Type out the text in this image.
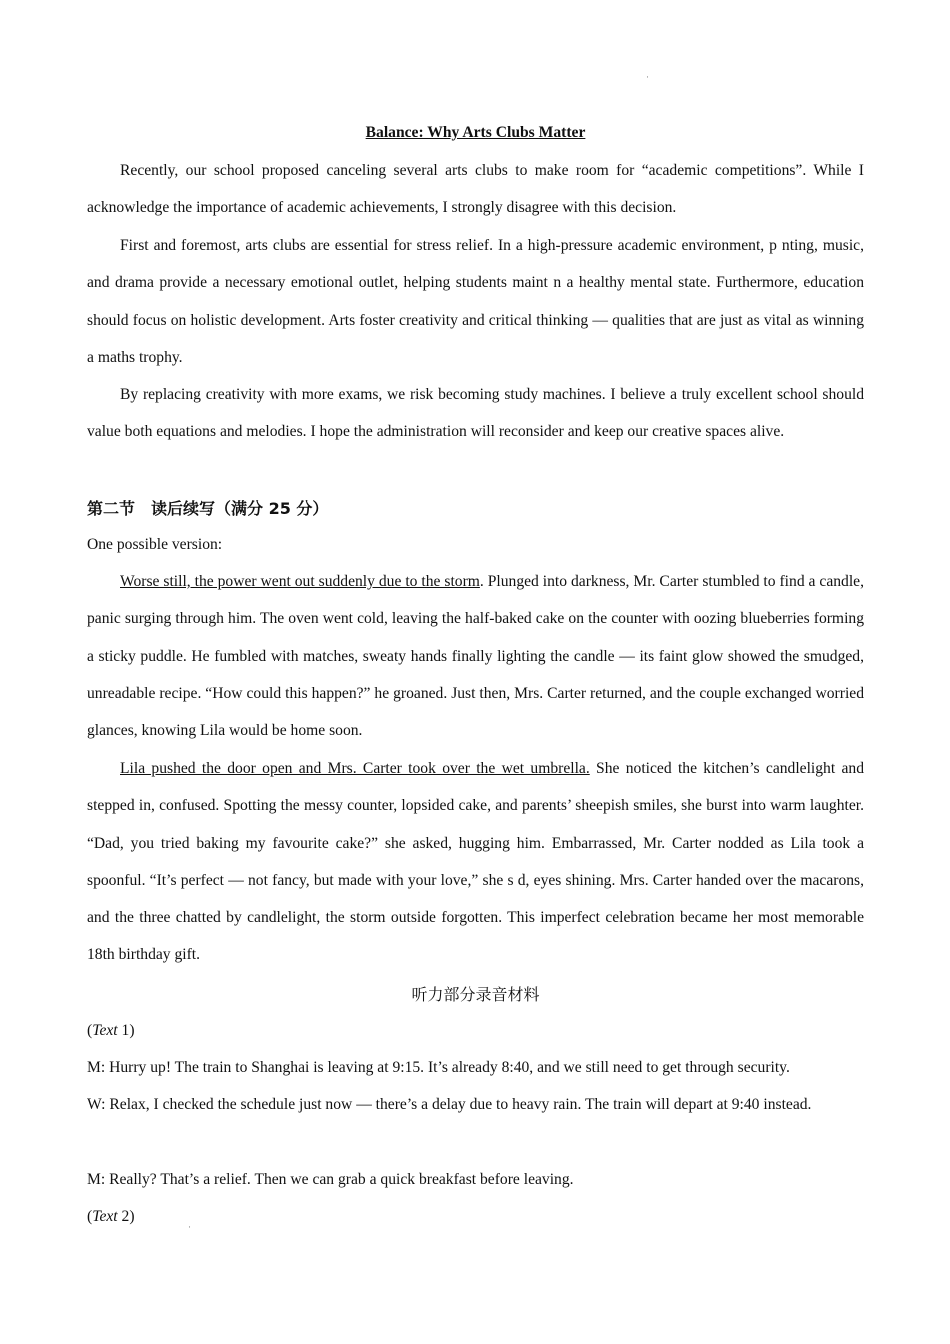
·
Balance: Why Arts Clubs Matter

Recently, our school proposed canceling several arts clubs to make room for “academic competitions”. While I acknowledge the importance of academic achievements, I strongly disagree with this decision.

First and foremost, arts clubs are essential for stress relief. In a high-pressure academic environment, p nting, music, and drama provide a necessary emotional outlet, helping students maint n a healthy mental state. Furthermore, education should focus on holistic development. Arts foster creativity and critical thinking — qualities that are just as vital as winning a maths trophy.

By replacing creativity with more exams, we risk becoming study machines. I believe a truly excellent school should value both equations and melodies. I hope the administration will reconsider and keep our creative spaces alive.

第二节　读后续写（满分 25 分）

One possible version:

Worse still, the power went out suddenly due to the storm. Plunged into darkness, Mr. Carter stumbled to find a candle, panic surging through him. The oven went cold, leaving the half-baked cake on the counter with oozing blueberries forming a sticky puddle. He fumbled with matches, sweaty hands finally lighting the candle — its faint glow showed the smudged, unreadable recipe. “How could this happen?” he groaned. Just then, Mrs. Carter returned, and the couple exchanged worried glances, knowing Lila would be home soon.

Lila pushed the door open and Mrs. Carter took over the wet umbrella. She noticed the kitchen’s candlelight and stepped in, confused. Spotting the messy counter, lopsided cake, and parents’ sheepish smiles, she burst into warm laughter. “Dad, you tried baking my favourite cake?” she asked, hugging him. Embarrassed, Mr. Carter nodded as Lila took a spoonful. “It’s perfect — not fancy, but made with your love,” she s d, eyes shining. Mrs. Carter handed over the macarons, and the three chatted by candlelight, the storm outside forgotten. This imperfect celebration became her most memorable 18th birthday gift.

听力部分录音材料

(Text 1)

M: Hurry up! The train to Shanghai is leaving at 9:15. It’s already 8:40, and we still need to get through security.

W: Relax, I checked the schedule just now — there’s a delay due to heavy rain. The train will depart at 9:40 instead.

M: Really? That’s a relief. Then we can grab a quick breakfast before leaving.

(Text 2)

·
